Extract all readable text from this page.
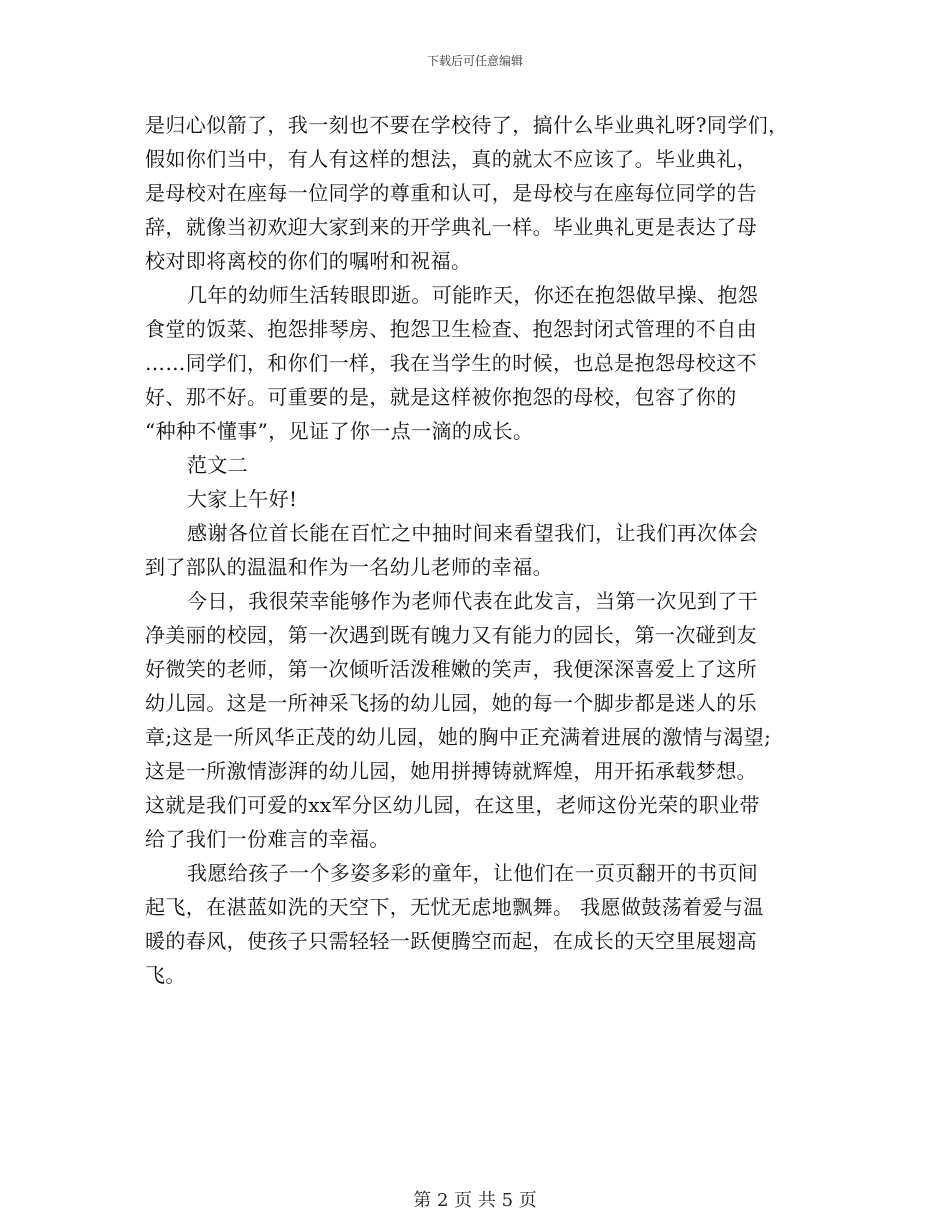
下载后可任意编辑
是归心似箭了，我一刻也不要在学校待了，搞什么毕业典礼呀?同学们，
假如你们当中，有人有这样的想法，真的就太不应该了。毕业典礼，
是母校对在座每一位同学的尊重和认可，是母校与在座每位同学的告
辞，就像当初欢迎大家到来的开学典礼一样。毕业典礼更是表达了母
校对即将离校的你们的嘱咐和祝福。
几年的幼师生活转眼即逝。可能昨天，你还在抱怨做早操、抱怨
食堂的饭菜、抱怨排琴房、抱怨卫生检查、抱怨封闭式管理的不自由
……同学们，和你们一样，我在当学生的时候，也总是抱怨母校这不
好、那不好。可重要的是，就是这样被你抱怨的母校，包容了你的
“种种不懂事”，见证了你一点一滴的成长。
范文二
大家上午好!
感谢各位首长能在百忙之中抽时间来看望我们，让我们再次体会
到了部队的温温和作为一名幼儿老师的幸福。
今日，我很荣幸能够作为老师代表在此发言，当第一次见到了干
净美丽的校园，第一次遇到既有魄力又有能力的园长，第一次碰到友
好微笑的老师，第一次倾听活泼稚嫩的笑声，我便深深喜爱上了这所
幼儿园。这是一所神采飞扬的幼儿园，她的每一个脚步都是迷人的乐
章;这是一所风华正茂的幼儿园，她的胸中正充满着进展的激情与渴望;
这是一所激情澎湃的幼儿园，她用拼搏铸就辉煌，用开拓承载梦想。
这就是我们可爱的xx军分区幼儿园，在这里，老师这份光荣的职业带
给了我们一份难言的幸福。
我愿给孩子一个多姿多彩的童年，让他们在一页页翻开的书页间
起飞，在湛蓝如洗的天空下，无忧无虑地飘舞。 我愿做鼓荡着爱与温
暖的春风，使孩子只需轻轻一跃便腾空而起，在成长的天空里展翅高
飞。
第 2 页 共 5 页
